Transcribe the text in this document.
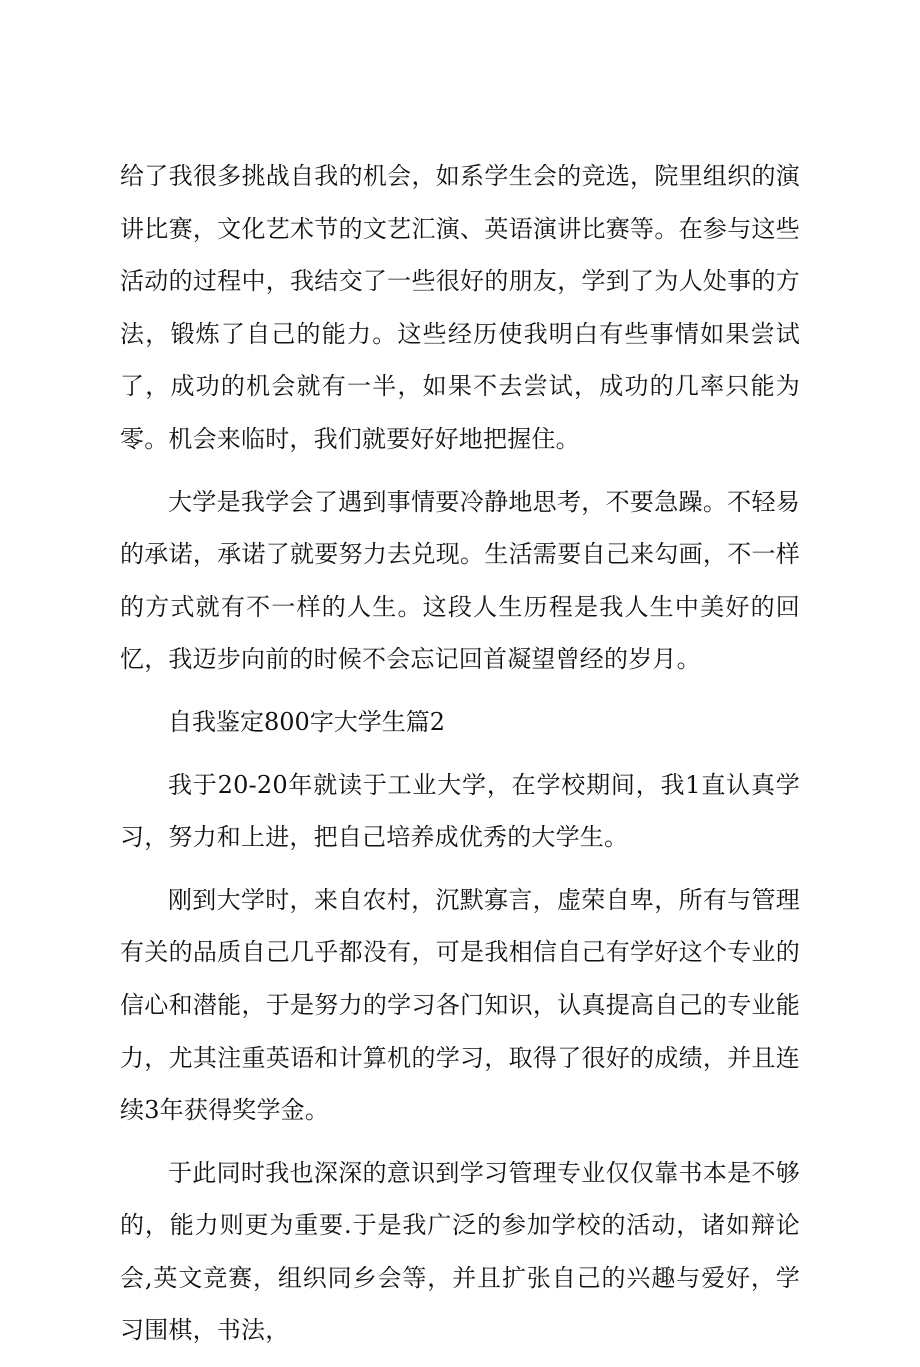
给了我很多挑战自我的机会，如系学生会的竞选，院里组织的演讲比赛，文化艺术节的文艺汇演、英语演讲比赛等。在参与这些活动的过程中，我结交了一些很好的朋友，学到了为人处事的方法，锻炼了自己的能力。这些经历使我明白有些事情如果尝试了，成功的机会就有一半，如果不去尝试，成功的几率只能为零。机会来临时，我们就要好好地把握住。

大学是我学会了遇到事情要冷静地思考，不要急躁。不轻易的承诺，承诺了就要努力去兑现。生活需要自己来勾画，不一样的方式就有不一样的人生。这段人生历程是我人生中美好的回忆，我迈步向前的时候不会忘记回首凝望曾经的岁月。

自我鉴定800字大学生篇2

我于20-20年就读于工业大学，在学校期间，我1直认真学习，努力和上进，把自己培养成优秀的大学生。

刚到大学时，来自农村，沉默寡言，虚荣自卑，所有与管理有关的品质自己几乎都没有，可是我相信自己有学好这个专业的信心和潜能，于是努力的学习各门知识，认真提高自己的专业能力，尤其注重英语和计算机的学习，取得了很好的成绩，并且连续3年获得奖学金。

于此同时我也深深的意识到学习管理专业仅仅靠书本是不够的，能力则更为重要.于是我广泛的参加学校的活动，诸如辩论会,英文竞赛，组织同乡会等，并且扩张自己的兴趣与爱好，学习围棋，书法，
